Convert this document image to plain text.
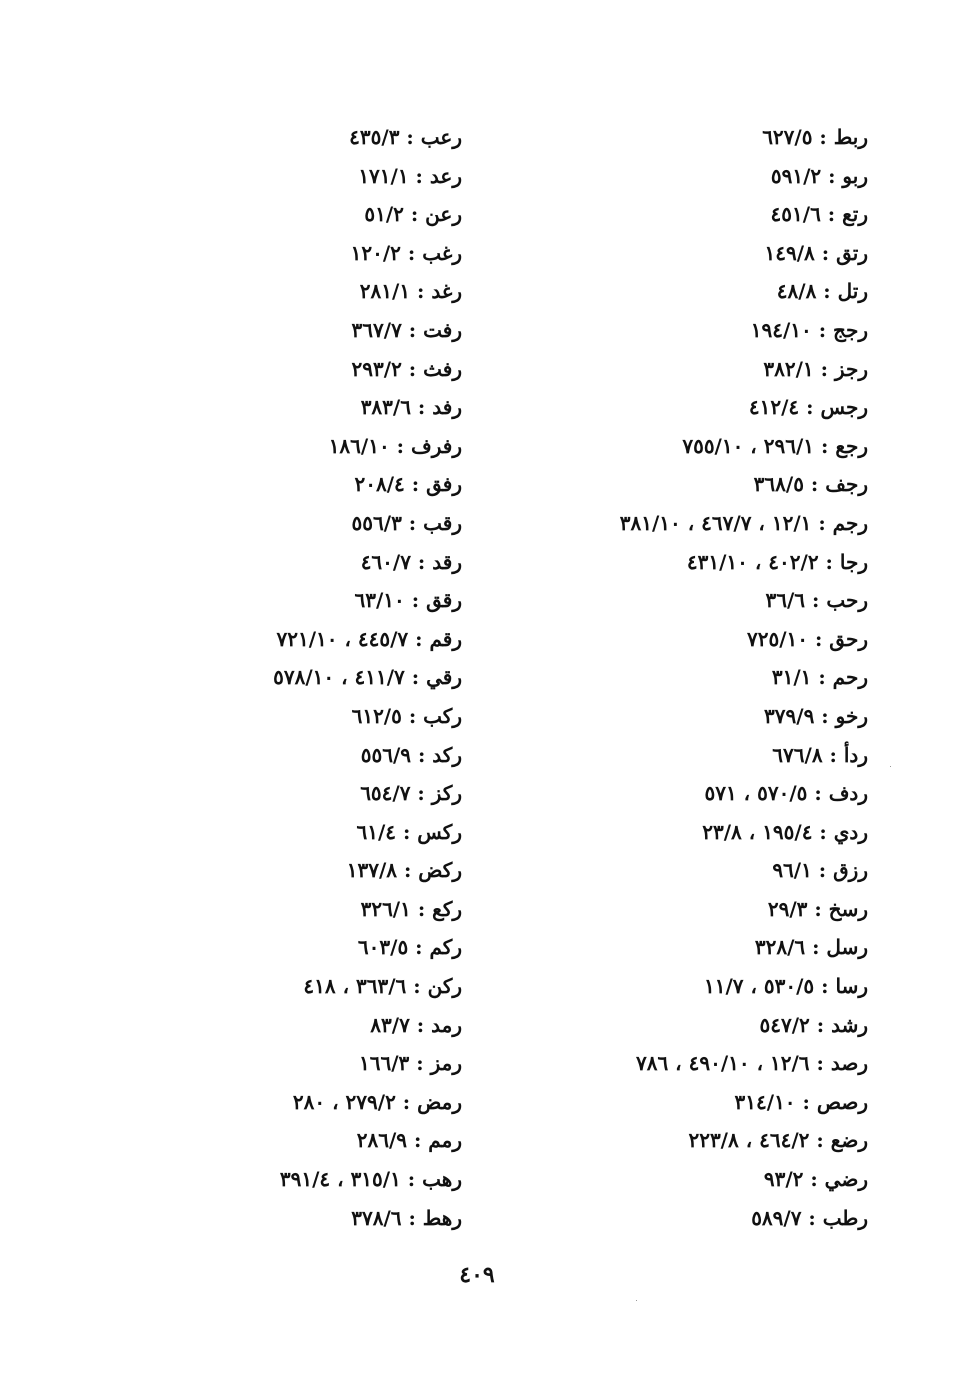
ربط : ٦٢٧/٥
ربو : ٥٩١/٢
رتع : ٤٥١/٦
رتق : ١٤٩/٨
رتل : ٤٨/٨
رجج : ١٩٤/١٠
رجز : ٣٨٢/١
رجس : ٤١٢/٤
رجع : ٢٩٦/١ ، ٧٥٥/١٠
رجف : ٣٦٨/٥
رجم : ١٢/١ ، ٤٦٧/٧ ، ٣٨١/١٠
رجا : ٤٠٢/٢ ، ٤٣١/١٠
رحب : ٣٦/٦
رحق : ٧٢٥/١٠
رحم : ٣١/١
رخو : ٣٧٩/٩
ردأ : ٦٧٦/٨
ردف : ٥٧٠/٥ ، ٥٧١
ردي : ١٩٥/٤ ، ٢٣/٨
رزق : ٩٦/١
رسخ : ٢٩/٣
رسل : ٣٢٨/٦
رسا : ٥٣٠/٥ ، ١١/٧
رشد : ٥٤٧/٢
رصد : ١٢/٦ ، ٤٩٠/١٠ ، ٧٨٦
رصص : ٣١٤/١٠
رضع : ٤٦٤/٢ ، ٢٢٣/٨
رضي : ٩٣/٢
رطب : ٥٨٩/٧
رعب : ٤٣٥/٣
رعد : ١٧١/١
رعن : ٥١/٢
رغب : ١٢٠/٢
رغد : ٢٨١/١
رفت : ٣٦٧/٧
رفث : ٢٩٣/٢
رفد : ٣٨٣/٦
رفرف : ١٨٦/١٠
رفق : ٢٠٨/٤
رقب : ٥٥٦/٣
رقد : ٤٦٠/٧
رقق : ٦٣/١٠
رقم : ٤٤٥/٧ ، ٧٢١/١٠
رقي : ٤١١/٧ ، ٥٧٨/١٠
ركب : ٦١٢/٥
ركد : ٥٥٦/٩
ركز : ٦٥٤/٧
ركس : ٦١/٤
ركض : ١٣٧/٨
ركع : ٣٢٦/١
ركم : ٦٠٣/٥
ركن : ٣٦٣/٦ ، ٤١٨
رمد : ٨٣/٧
رمز : ١٦٦/٣
رمض : ٢٧٩/٢ ، ٢٨٠
رمم : ٢٨٦/٩
رهب : ٣١٥/١ ، ٣٩١/٤
رهط : ٣٧٨/٦
٤٠٩
